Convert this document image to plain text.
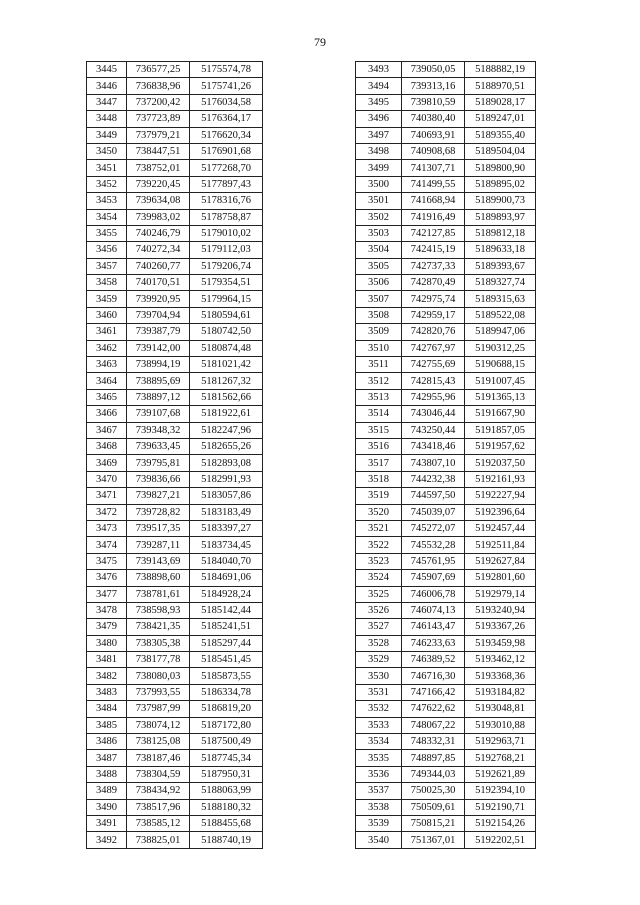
79
3445	736577,25	5175574,78
3446	736838,96	5175741,26
3447	737200,42	5176034,58
3448	737723,89	5176364,17
3449	737979,21	5176620,34
3450	738447,51	5176901,68
3451	738752,01	5177268,70
3452	739220,45	5177897,43
3453	739634,08	5178316,76
3454	739983,02	5178758,87
3455	740246,79	5179010,02
3456	740272,34	5179112,03
3457	740260,77	5179206,74
3458	740170,51	5179354,51
3459	739920,95	5179964,15
3460	739704,94	5180594,61
3461	739387,79	5180742,50
3462	739142,00	5180874,48
3463	738994,19	5181021,42
3464	738895,69	5181267,32
3465	738897,12	5181562,66
3466	739107,68	5181922,61
3467	739348,32	5182247,96
3468	739633,45	5182655,26
3469	739795,81	5182893,08
3470	739836,66	5182991,93
3471	739827,21	5183057,86
3472	739728,82	5183183,49
3473	739517,35	5183397,27
3474	739287,11	5183734,45
3475	739143,69	5184040,70
3476	738898,60	5184691,06
3477	738781,61	5184928,24
3478	738598,93	5185142,44
3479	738421,35	5185241,51
3480	738305,38	5185297,44
3481	738177,78	5185451,45
3482	738080,03	5185873,55
3483	737993,55	5186334,78
3484	737987,99	5186819,20
3485	738074,12	5187172,80
3486	738125,08	5187500,49
3487	738187,46	5187745,34
3488	738304,59	5187950,31
3489	738434,92	5188063,99
3490	738517,96	5188180,32
3491	738585,12	5188455,68
3492	738825,01	5188740,19
3493	739050,05	5188882,19
3494	739313,16	5188970,51
3495	739810,59	5189028,17
3496	740380,40	5189247,01
3497	740693,91	5189355,40
3498	740908,68	5189504,04
3499	741307,71	5189800,90
3500	741499,55	5189895,02
3501	741668,94	5189900,73
3502	741916,49	5189893,97
3503	742127,85	5189812,18
3504	742415,19	5189633,18
3505	742737,33	5189393,67
3506	742870,49	5189327,74
3507	742975,74	5189315,63
3508	742959,17	5189522,08
3509	742820,76	5189947,06
3510	742767,97	5190312,25
3511	742755,69	5190688,15
3512	742815,43	5191007,45
3513	742955,96	5191365,13
3514	743046,44	5191667,90
3515	743250,44	5191857,05
3516	743418,46	5191957,62
3517	743807,10	5192037,50
3518	744232,38	5192161,93
3519	744597,50	5192227,94
3520	745039,07	5192396,64
3521	745272,07	5192457,44
3522	745532,28	5192511,84
3523	745761,95	5192627,84
3524	745907,69	5192801,60
3525	746006,78	5192979,14
3526	746074,13	5193240,94
3527	746143,47	5193367,26
3528	746233,63	5193459,98
3529	746389,52	5193462,12
3530	746716,30	5193368,36
3531	747166,42	5193184,82
3532	747622,62	5193048,81
3533	748067,22	5193010,88
3534	748332,31	5192963,71
3535	748897,85	5192768,21
3536	749344,03	5192621,89
3537	750025,30	5192394,10
3538	750509,61	5192190,71
3539	750815,21	5192154,26
3540	751367,01	5192202,51
